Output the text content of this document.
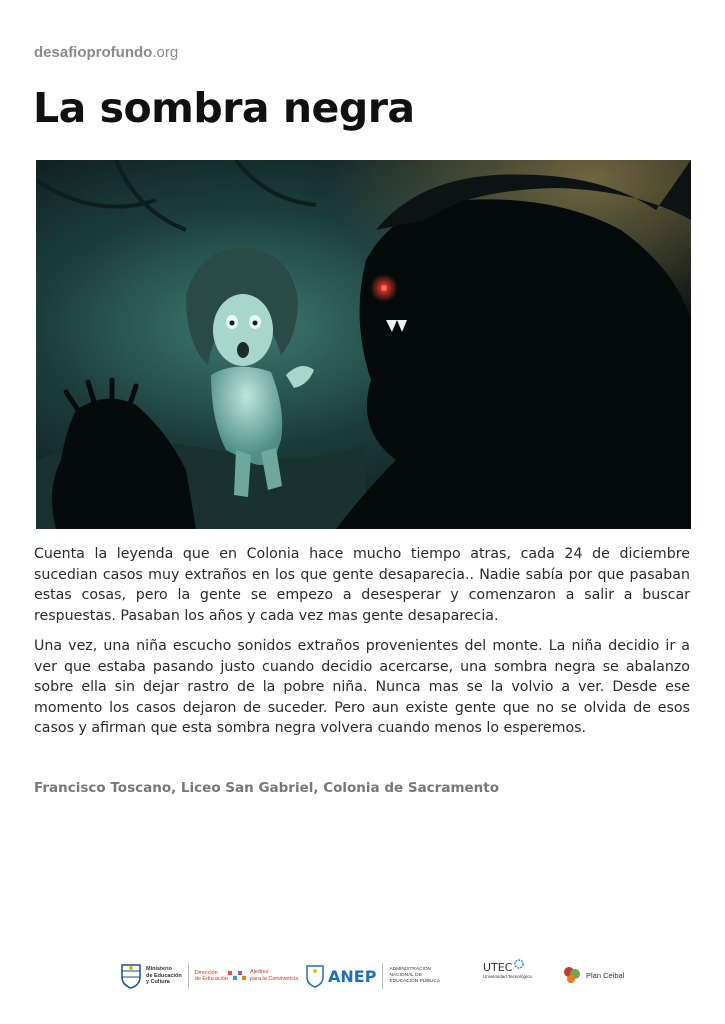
desafioprofundo.org
La sombra negra

Cuenta la leyenda que en Colonia hace mucho tiempo atras, cada 24 de diciembre sucedian casos muy extraños en los que gente desaparecia.. Nadie sabía por que pasaban estas cosas, pero la gente se empezo a desesperar y comenzaron a salir a buscar respuestas. Pasaban los años y cada vez mas gente desaparecia.

Una vez, una niña escucho sonidos extraños provenientes del monte. La niña decidio ir a ver que estaba pasando justo cuando decidio acercarse, una sombra negra se abalanzo sobre ella sin dejar rastro de la pobre niña. Nunca mas se la volvio a ver. Desde ese momento los casos dejaron de suceder. Pero aun existe gente que no se olvida de esos casos y afirman que esta sombra negra volvera cuando menos lo esperemos.

Francisco Toscano, Liceo San Gabriel, Colonia de Sacramento
Ministerio
de Educación
y Cultura
Dirección
de Educación
Ajedrez
para la Convivencia ANEP	ADMINISTRACIÓN
NACIONAL DE
EDUCACIÓN PÚBLICA
UTEC
Universidad Tecnológica	Plan Ceibal
